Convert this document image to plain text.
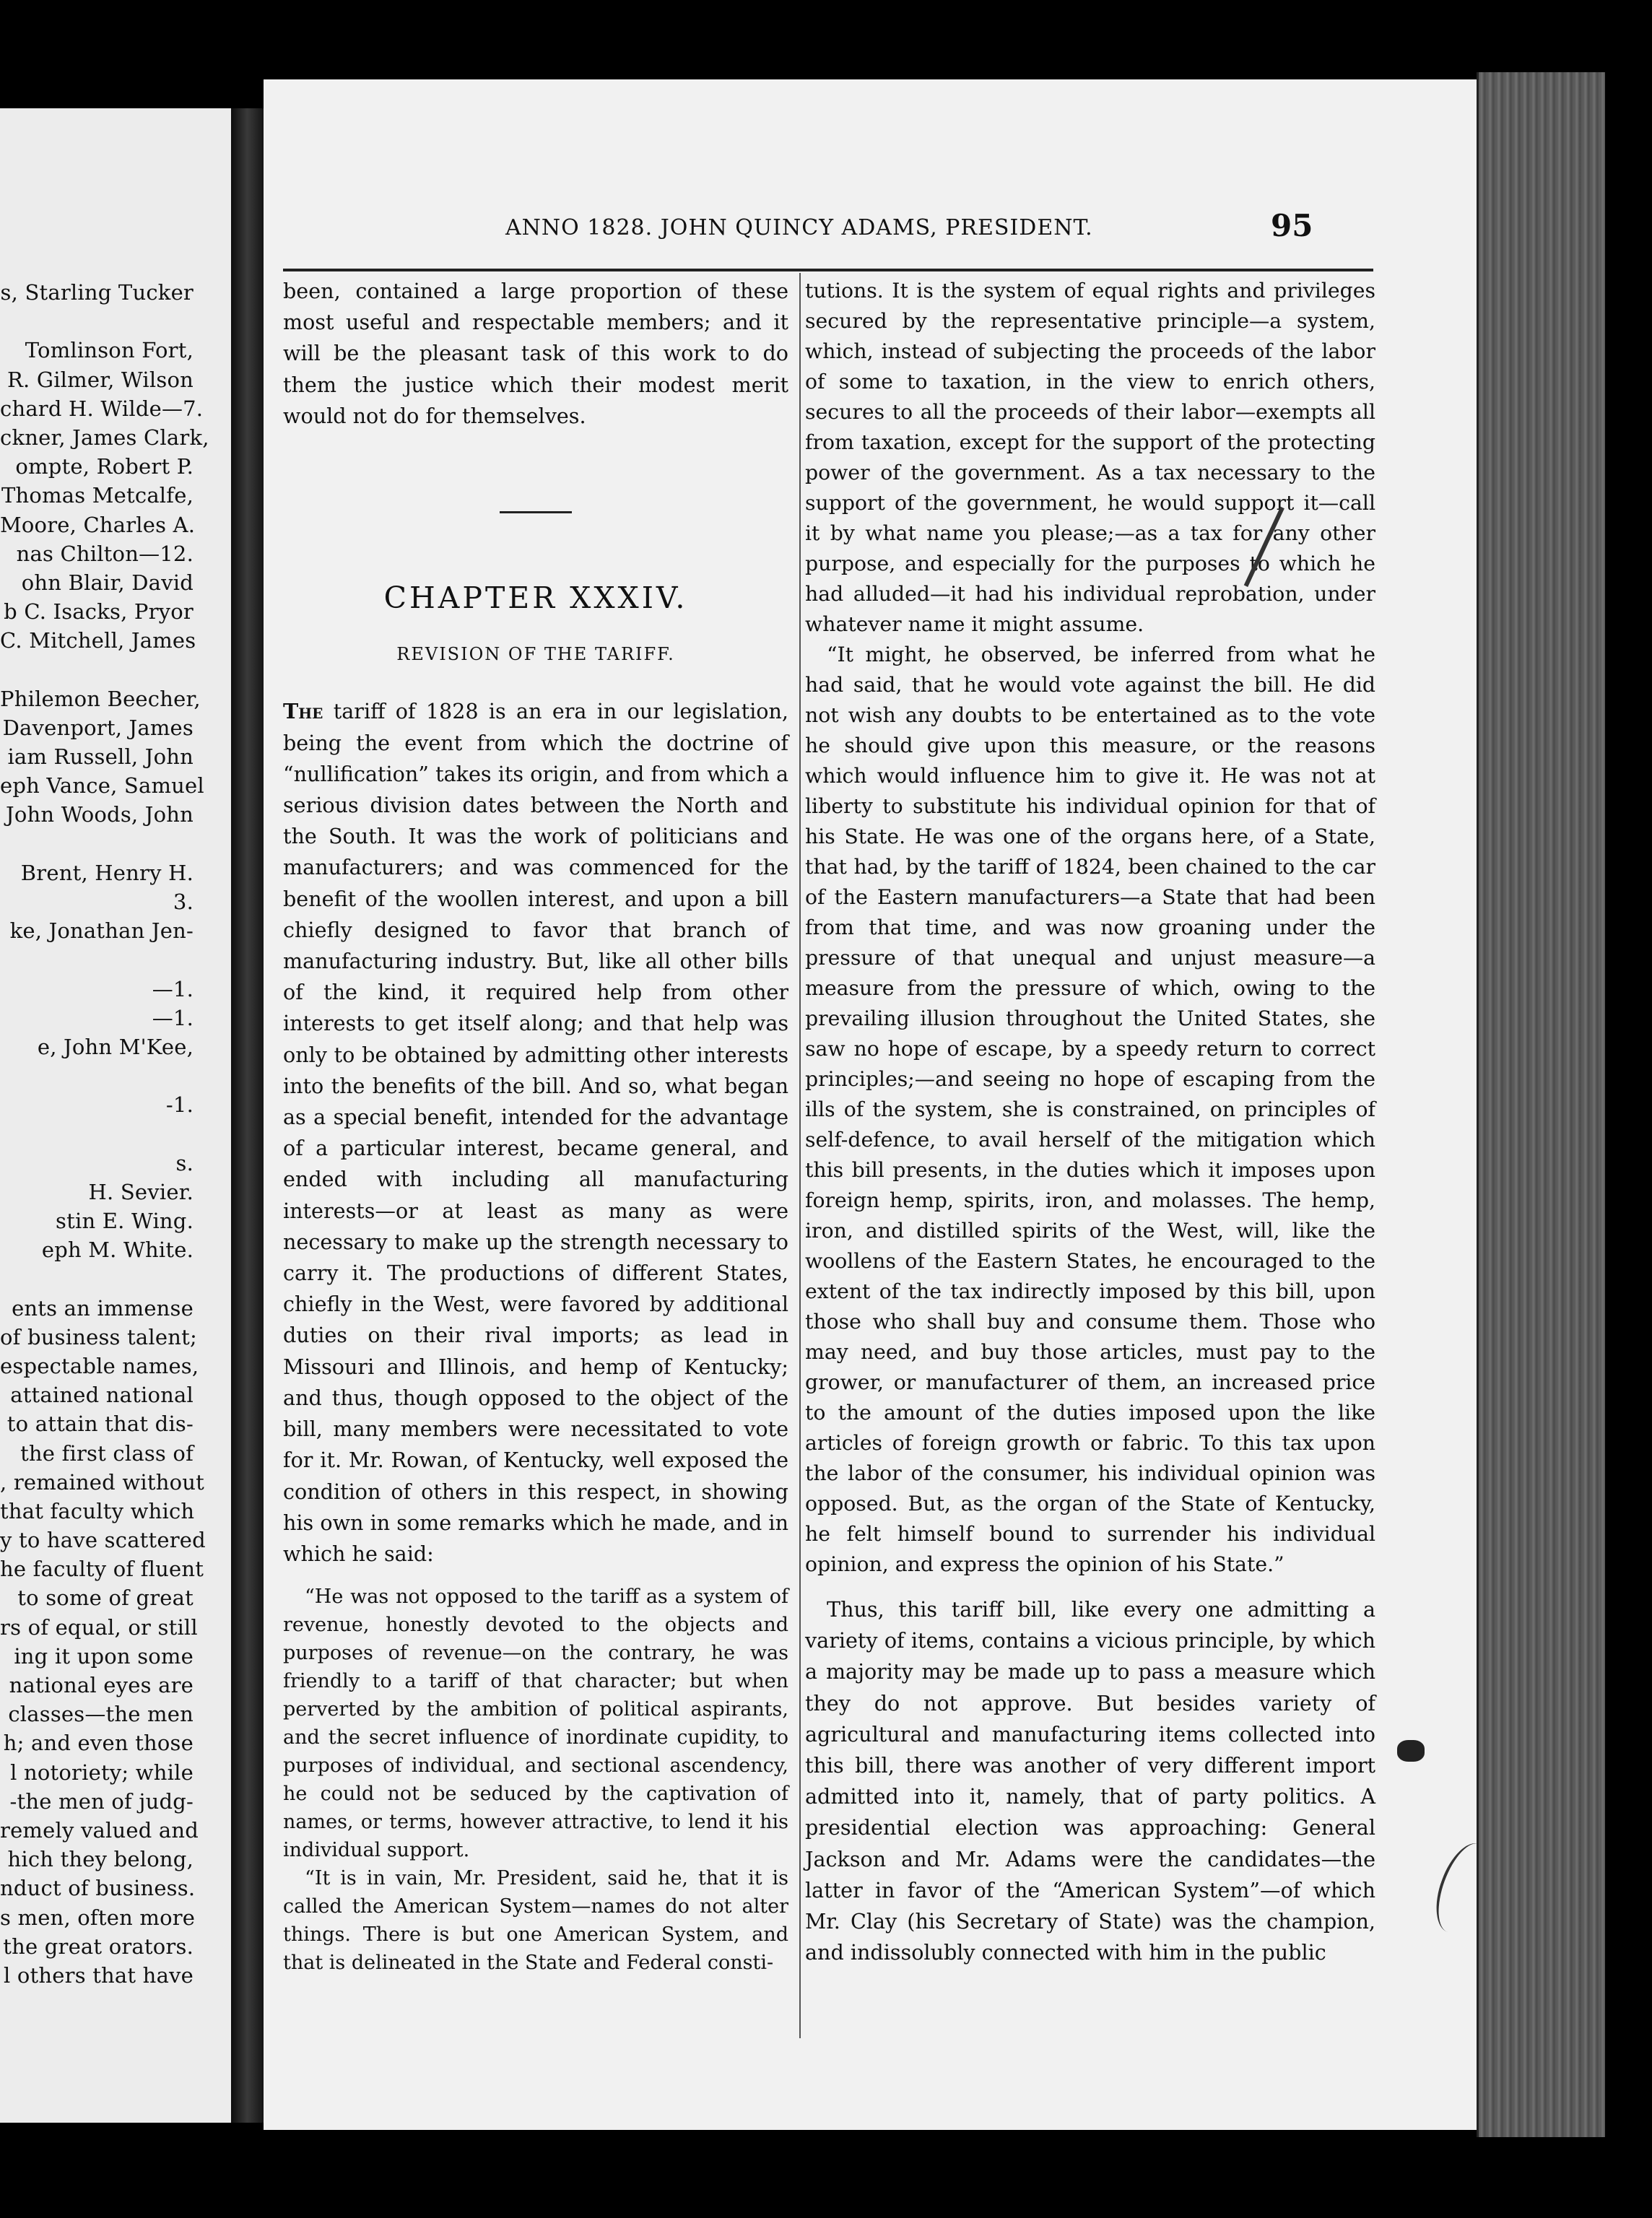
s, Starling Tucker
Tomlinson Fort,
R. Gilmer, Wilson
chard H. Wilde—7.
ckner, James Clark,
ompte, Robert P.
Thomas Metcalfe,
Moore, Charles A.
nas Chilton—12.
ohn Blair, David
b C. Isacks, Pryor
C. Mitchell, James
Philemon Beecher,
Davenport, James
iam Russell, John
eph Vance, Samuel
John Woods, John
Brent, Henry H.
3.
ke, Jonathan Jen-
—1.
—1.
e, John M'Kee,
-1.
s.
H. Sevier.
stin E. Wing.
eph M. White.
ents an immense
of business talent;
espectable names,
attained national
to attain that dis-
the first class of
, remained without
that faculty which
y to have scattered
he faculty of fluent
to some of great
rs of equal, or still
ing it upon some
national eyes are
classes—the men
h; and even those
l notoriety; while
-the men of judg-
remely valued and
hich they belong,
nduct of business.
s men, often more
the great orators.
l others that have
ANNO 1828. JOHN QUINCY ADAMS, PRESIDENT.	95

been, contained a large proportion of these most useful and respectable members; and it will be the pleasant task of this work to do them the justice which their modest merit would not do for themselves.

CHAPTER XXXIV.
REVISION OF THE TARIFF.

The tariff of 1828 is an era in our legislation, being the event from which the doctrine of “nullification” takes its origin, and from which a serious division dates between the North and the South. It was the work of politicians and manufacturers; and was commenced for the benefit of the woollen interest, and upon a bill chiefly designed to favor that branch of manufacturing industry. But, like all other bills of the kind, it required help from other interests to get itself along; and that help was only to be obtained by admitting other interests into the benefits of the bill. And so, what began as a special benefit, intended for the advantage of a particular interest, became general, and ended with including all manufacturing interests—or at least as many as were necessary to make up the strength necessary to carry it. The productions of different States, chiefly in the West, were favored by additional duties on their rival imports; as lead in Missouri and Illinois, and hemp of Kentucky; and thus, though opposed to the object of the bill, many members were necessitated to vote for it. Mr. Rowan, of Kentucky, well exposed the condition of others in this respect, in showing his own in some remarks which he made, and in which he said:

“He was not opposed to the tariff as a system of revenue, honestly devoted to the objects and purposes of revenue—on the contrary, he was friendly to a tariff of that character; but when perverted by the ambition of political aspirants, and the secret influence of inordinate cupidity, to purposes of individual, and sectional ascendency, he could not be seduced by the captivation of names, or terms, however attractive, to lend it his individual support.

“It is in vain, Mr. President, said he, that it is called the American System—names do not alter things. There is but one American System, and that is delineated in the State and Federal consti-

tutions. It is the system of equal rights and privileges secured by the representative principle—a system, which, instead of subjecting the proceeds of the labor of some to taxation, in the view to enrich others, secures to all the proceeds of their labor—exempts all from taxation, except for the support of the protecting power of the government. As a tax necessary to the support of the government, he would support it—call it by what name you please;—as a tax for any other purpose, and especially for the purposes to which he had alluded—it had his individual reprobation, under whatever name it might assume.

“It might, he observed, be inferred from what he had said, that he would vote against the bill. He did not wish any doubts to be entertained as to the vote he should give upon this measure, or the reasons which would influence him to give it. He was not at liberty to substitute his individual opinion for that of his State. He was one of the organs here, of a State, that had, by the tariff of 1824, been chained to the car of the Eastern manufacturers—a State that had been from that time, and was now groaning under the pressure of that unequal and unjust measure—a measure from the pressure of which, owing to the prevailing illusion throughout the United States, she saw no hope of escape, by a speedy return to correct principles;—and seeing no hope of escaping from the ills of the system, she is constrained, on principles of self-defence, to avail herself of the mitigation which this bill presents, in the duties which it imposes upon foreign hemp, spirits, iron, and molasses. The hemp, iron, and distilled spirits of the West, will, like the woollens of the Eastern States, he encouraged to the extent of the tax indirectly imposed by this bill, upon those who shall buy and consume them. Those who may need, and buy those articles, must pay to the grower, or manufacturer of them, an increased price to the amount of the duties imposed upon the like articles of foreign growth or fabric. To this tax upon the labor of the consumer, his individual opinion was opposed. But, as the organ of the State of Kentucky, he felt himself bound to surrender his individual opinion, and express the opinion of his State.”

Thus, this tariff bill, like every one admitting a variety of items, contains a vicious principle, by which a majority may be made up to pass a measure which they do not approve. But besides variety of agricultural and manufacturing items collected into this bill, there was another of very different import admitted into it, namely, that of party politics. A presidential election was approaching: General Jackson and Mr. Adams were the candidates—the latter in favor of the “American System”—of which Mr. Clay (his Secretary of State) was the champion, and indissolubly connected with him in the public
